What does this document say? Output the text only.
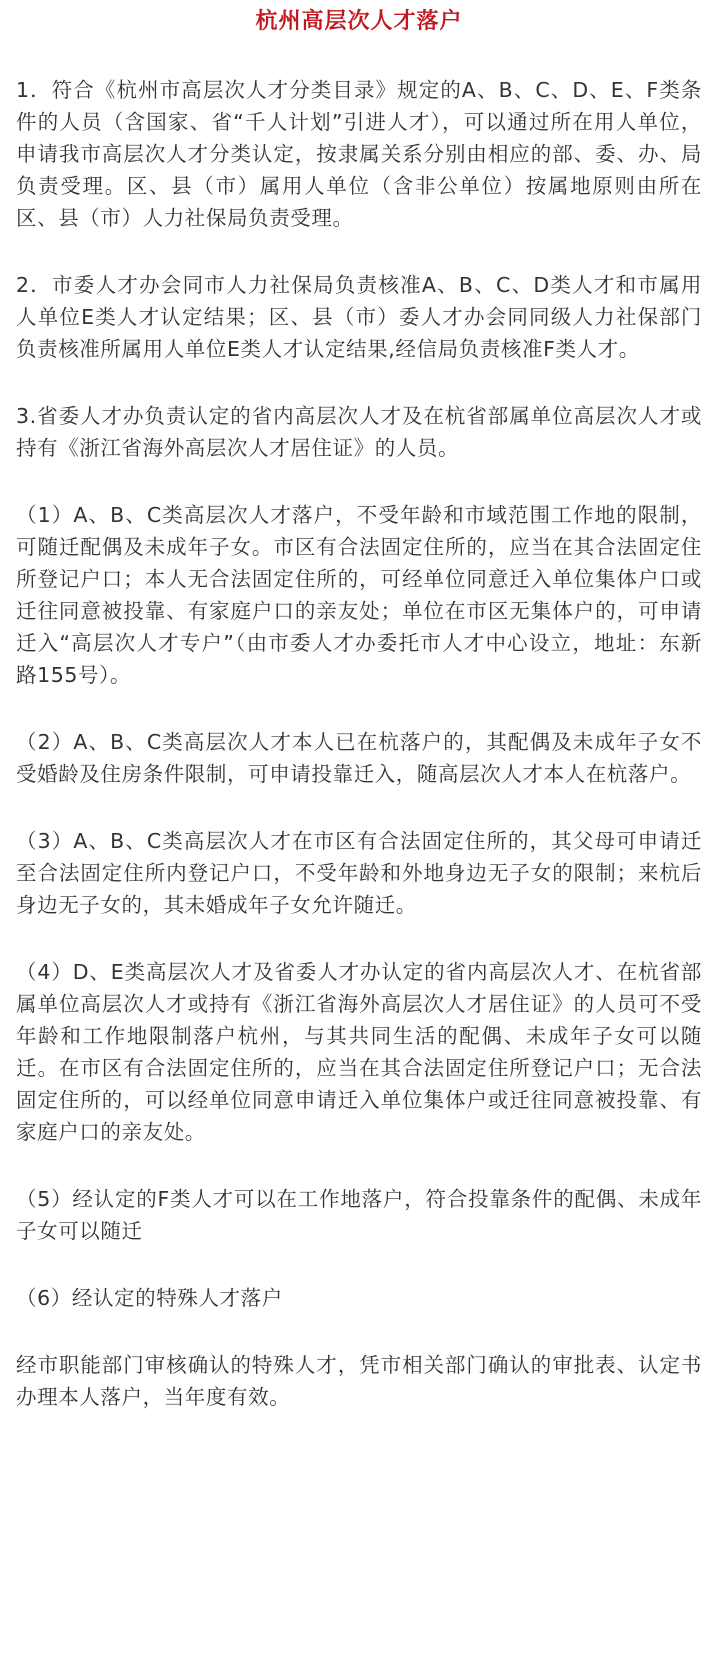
杭州高层次人才落户

1．符合《杭州市高层次人才分类目录》规定的A、B、C、D、E、F类条件的人员（含国家、省“千人计划”引进人才），可以通过所在用人单位，申请我市高层次人才分类认定，按隶属关系分别由相应的部、委、办、局负责受理。区、县（市）属用人单位（含非公单位）按属地原则由所在区、县（市）人力社保局负责受理。

2．市委人才办会同市人力社保局负责核准A、B、C、D类人才和市属用人单位E类人才认定结果；区、县（市）委人才办会同同级人力社保部门负责核准所属用人单位E类人才认定结果,经信局负责核准F类人才。

3.省委人才办负责认定的省内高层次人才及在杭省部属单位高层次人才或持有《浙江省海外高层次人才居住证》的人员。

（1）A、B、C类高层次人才落户，不受年龄和市域范围工作地的限制，可随迁配偶及未成年子女。市区有合法固定住所的，应当在其合法固定住所登记户口；本人无合法固定住所的，可经单位同意迁入单位集体户口或迁往同意被投靠、有家庭户口的亲友处；单位在市区无集体户的，可申请迁入“高层次人才专户”（由市委人才办委托市人才中心设立，地址：东新路155号）。

（2）A、B、C类高层次人才本人已在杭落户的，其配偶及未成年子女不受婚龄及住房条件限制，可申请投靠迁入，随高层次人才本人在杭落户。

（3）A、B、C类高层次人才在市区有合法固定住所的，其父母可申请迁至合法固定住所内登记户口，不受年龄和外地身边无子女的限制；来杭后身边无子女的，其未婚成年子女允许随迁。

（4）D、E类高层次人才及省委人才办认定的省内高层次人才、在杭省部属单位高层次人才或持有《浙江省海外高层次人才居住证》的人员可不受年龄和工作地限制落户杭州，与其共同生活的配偶、未成年子女可以随迁。在市区有合法固定住所的，应当在其合法固定住所登记户口；无合法固定住所的，可以经单位同意申请迁入单位集体户或迁往同意被投靠、有家庭户口的亲友处。

（5）经认定的F类人才可以在工作地落户，符合投靠条件的配偶、未成年子女可以随迁

（6）经认定的特殊人才落户

经市职能部门审核确认的特殊人才，凭市相关部门确认的审批表、认定书办理本人落户，当年度有效。
